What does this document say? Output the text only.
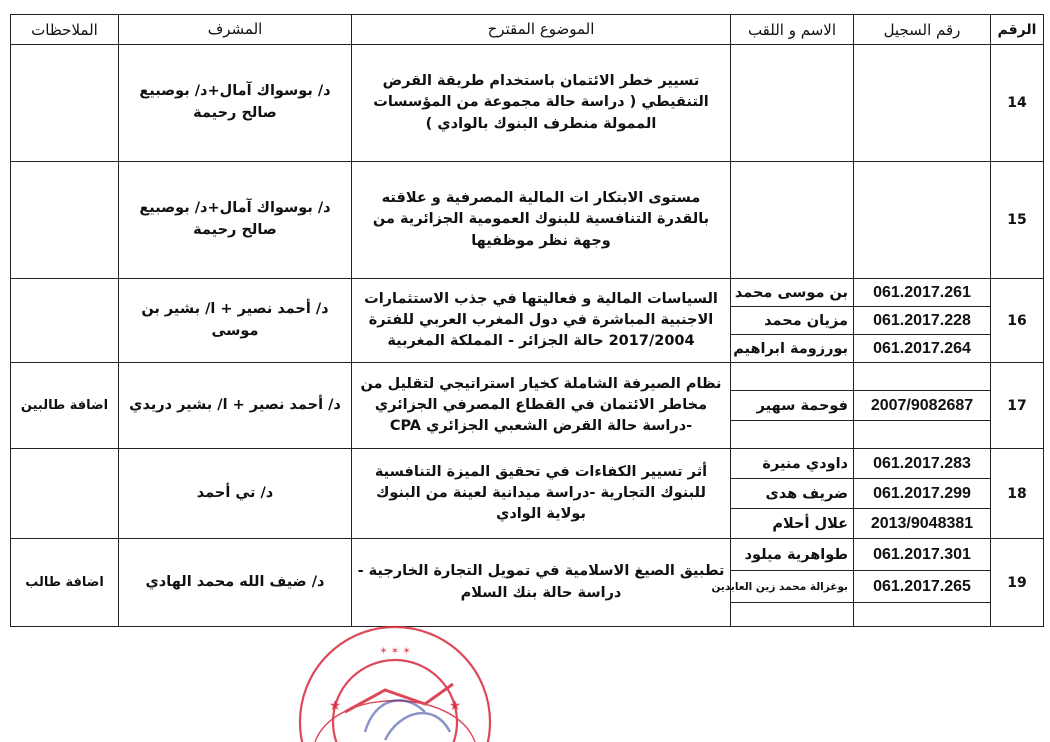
الرقم	رقم السجيل	الاسم و اللقب	الموضوع المقترح	المشرف	الملاحظات
14			تسيير خطر الائتمان باستخدام طريقة القرض التنقيطي ( دراسة حالة مجموعة من المؤسسات الممولة منطرف البنوك بالوادي )	د/ بوسواك آمال+د/ بوصبيع صالح رحيمة	
15			مستوى الابتكار ات المالية المصرفية و علاقته بالقدرة التنافسية للبنوك العمومية الجزائرية من وجهة نظر موظفيها	د/ بوسواك آمال+د/ بوصبيع صالح رحيمة	
16	061.2017.261	بن موسى محمد	السياسات المالية و فعاليتها في جذب الاستثمارات الاجنبية المباشرة في دول المغرب العربي للفترة 2017/2004 حالة الجزائر - المملكة المغربية	د/ أحمد نصير + ا/ بشير بن موسى	
	061.2017.228	مزيان محمد			
	061.2017.264	بورزومة ابراهيم			
17			نظام الصيرفة الشاملة كخيار استراتيجي لتقليل من مخاطر الائتمان في القطاع المصرفي الجزائري -دراسة حالة القرض الشعبي الجزائري CPA	د/ أحمد نصير + ا/ بشير دريدي	اضافة طالبين
	2007/9082687	فوحمة سهير			

18	061.2017.283	داودي منيرة	أثر تسيير الكفاءات في تحقيق الميزة التنافسية للبنوك التجارية -دراسة ميدانية لعينة من البنوك بولاية الوادي	د/ تي أحمد	
	061.2017.299	ضريف هدى			
	2013/9048381	علال أحلام			
19	061.2017.301	طواهرية ميلود	تطبيق الصيغ الاسلامية في تمويل التجارة الخارجية - دراسة حالة بنك السلام	د/ ضيف الله محمد الهادي	اضافة طالب
	061.2017.265	بوغزالة محمد زين العابدين			

✶ ✶ ✶
★	★
